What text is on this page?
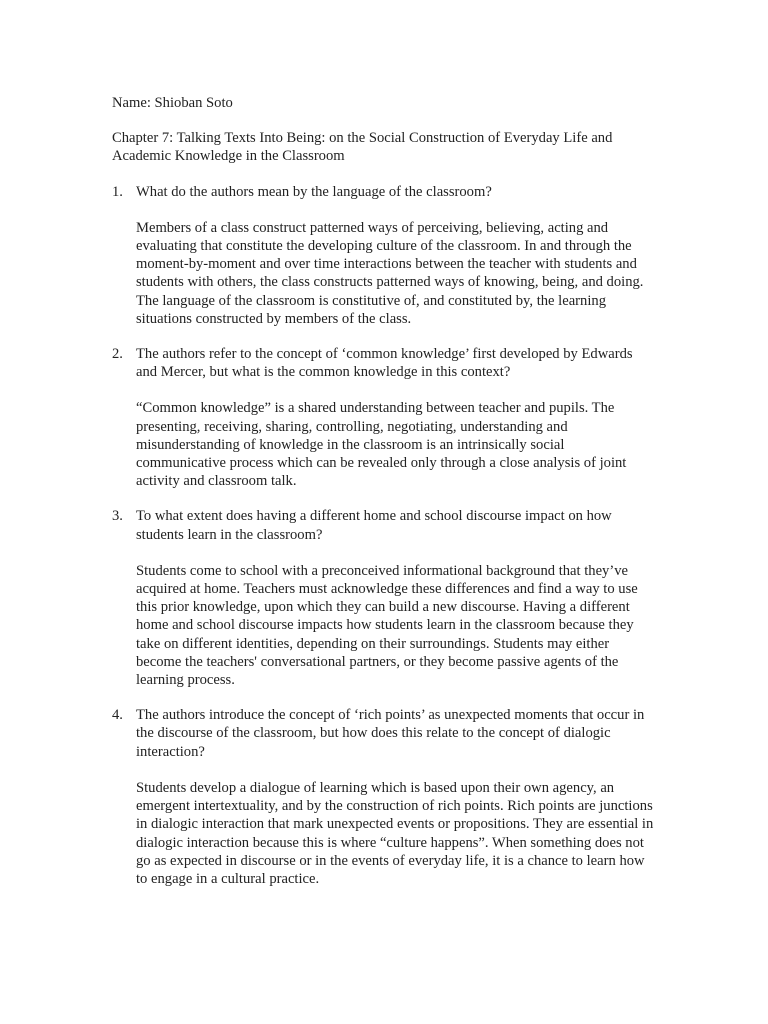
Name: Shioban Soto

Chapter 7: Talking Texts Into Being: on the Social Construction of Everyday Life and Academic Knowledge in the Classroom

1. What do the authors mean by the language of the classroom?

Members of a class construct patterned ways of perceiving, believing, acting and evaluating that constitute the developing culture of the classroom. In and through the moment-by-moment and over time interactions between the teacher with students and students with others, the class constructs patterned ways of knowing, being, and doing. The language of the classroom is constitutive of, and constituted by, the learning situations constructed by members of the class.

2. The authors refer to the concept of ‘common knowledge’ first developed by Edwards and Mercer, but what is the common knowledge in this context?

“Common knowledge” is a shared understanding between teacher and pupils. The presenting, receiving, sharing, controlling, negotiating, understanding and misunderstanding of knowledge in the classroom is an intrinsically social communicative process which can be revealed only through a close analysis of joint activity and classroom talk.

3. To what extent does having a different home and school discourse impact on how students learn in the classroom?

Students come to school with a preconceived informational background that they’ve acquired at home. Teachers must acknowledge these differences and find a way to use this prior knowledge, upon which they can build a new discourse. Having a different home and school discourse impacts how students learn in the classroom because they take on different identities, depending on their surroundings. Students may either become the teachers' conversational partners, or they become passive agents of the learning process.

4. The authors introduce the concept of ‘rich points’ as unexpected moments that occur in the discourse of the classroom, but how does this relate to the concept of dialogic interaction?

Students develop a dialogue of learning which is based upon their own agency, an emergent intertextuality, and by the construction of rich points. Rich points are junctions in dialogic interaction that mark unexpected events or propositions. They are essential in dialogic interaction because this is where “culture happens”. When something does not go as expected in discourse or in the events of everyday life, it is a chance to learn how to engage in a cultural practice.
